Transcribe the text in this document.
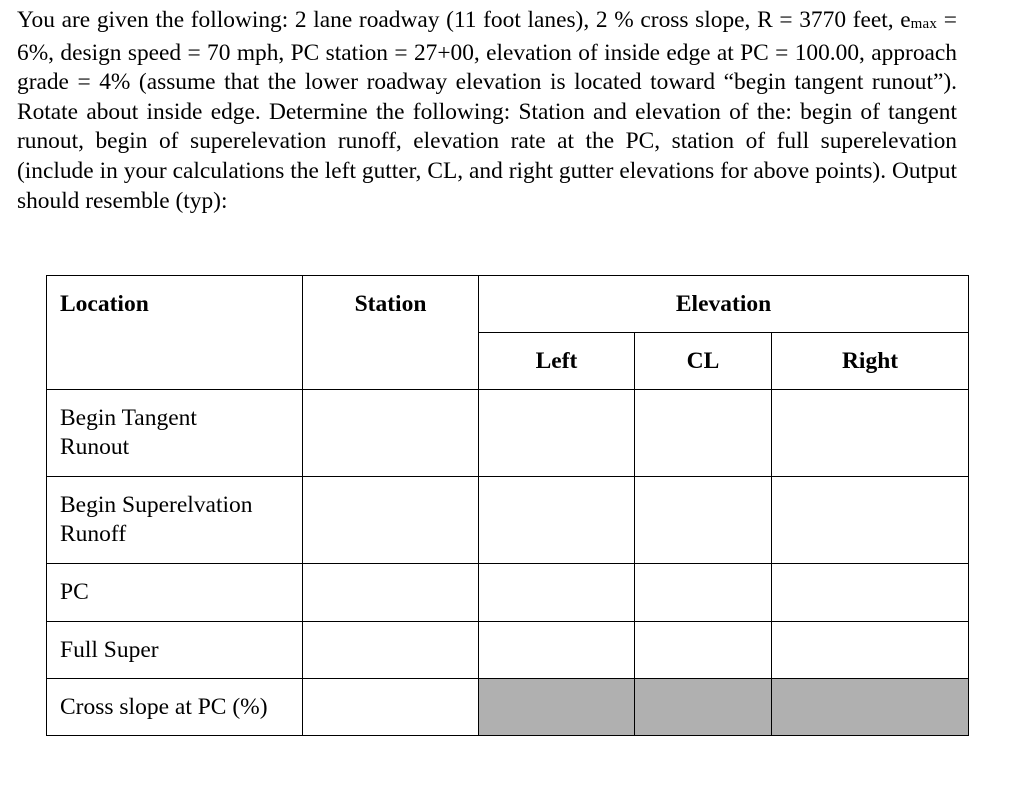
You are given the following: 2 lane roadway (11 foot lanes), 2 % cross slope, R = 3770 feet, emax = 6%, design speed = 70 mph, PC station = 27+00, elevation of inside edge at PC = 100.00, approach grade = 4% (assume that the lower roadway elevation is located toward “begin tangent runout”). Rotate about inside edge. Determine the following: Station and elevation of the: begin of tangent runout, begin of superelevation runoff, elevation rate at the PC, station of full superelevation (include in your calculations the left gutter, CL, and right gutter elevations for above points). Output should resemble (typ):
Location	Station	Elevation		
		Left	CL	Right
Begin Tangent Runout				
Begin Superelvation Runoff				
PC				
Full Super				
Cross slope at PC (%)				
